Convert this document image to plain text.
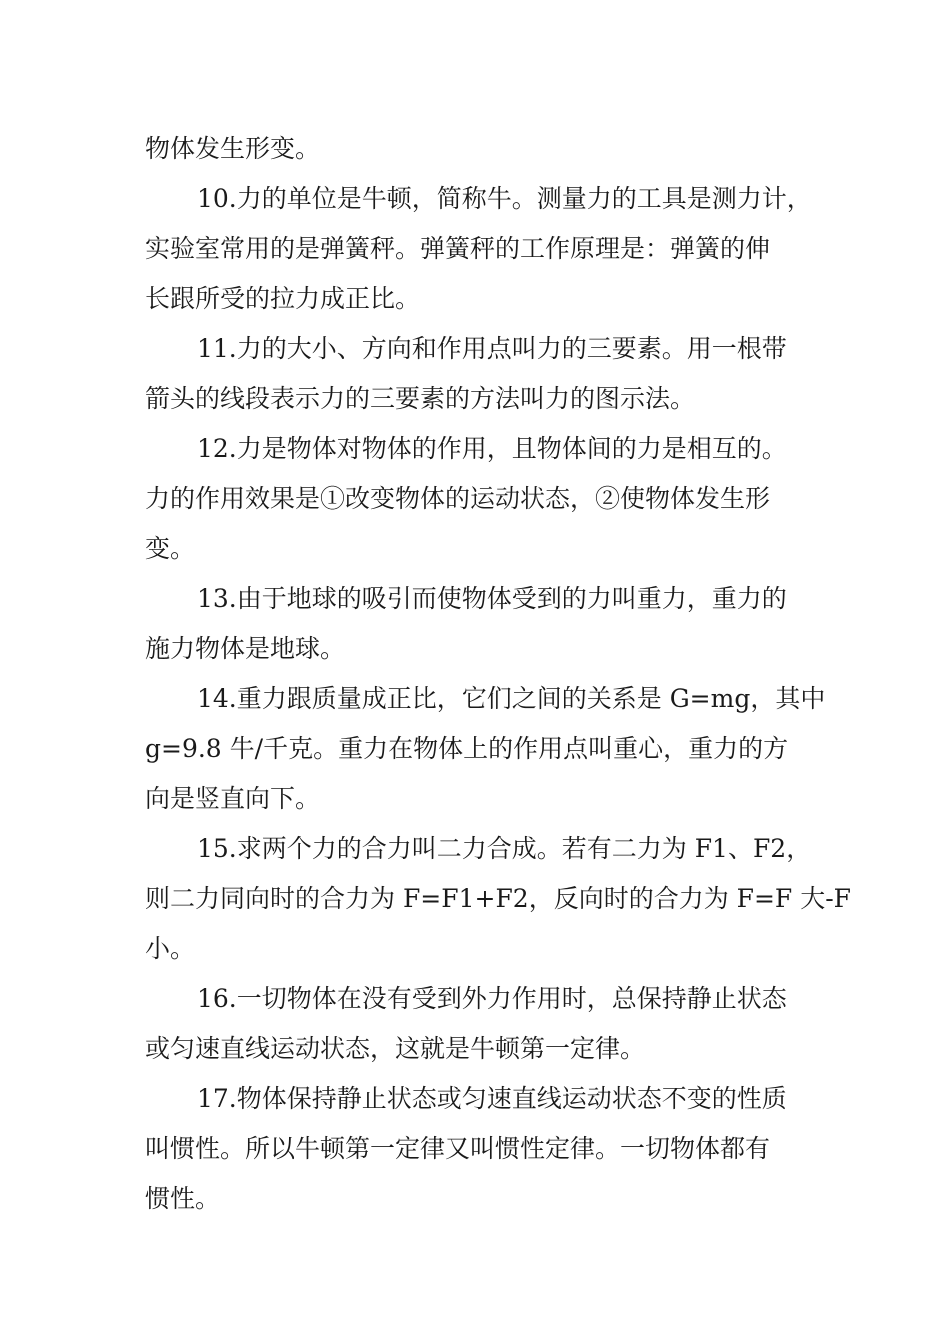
物体发生形变。
10.力的单位是牛顿，简称牛。测量力的工具是测力计，
实验室常用的是弹簧秤。弹簧秤的工作原理是：弹簧的伸
长跟所受的拉力成正比。
11.力的大小、方向和作用点叫力的三要素。用一根带
箭头的线段表示力的三要素的方法叫力的图示法。
12.力是物体对物体的作用，且物体间的力是相互的。
力的作用效果是①改变物体的运动状态，②使物体发生形
变。
13.由于地球的吸引而使物体受到的力叫重力，重力的
施力物体是地球。
14.重力跟质量成正比，它们之间的关系是 G=mg，其中
g=9.8 牛/千克。重力在物体上的作用点叫重心，重力的方
向是竖直向下。
15.求两个力的合力叫二力合成。若有二力为 F1、F2，
则二力同向时的合力为 F=F1+F2，反向时的合力为 F=F 大-F
小。
16.一切物体在没有受到外力作用时，总保持静止状态
或匀速直线运动状态，这就是牛顿第一定律。
17.物体保持静止状态或匀速直线运动状态不变的性质
叫惯性。所以牛顿第一定律又叫惯性定律。一切物体都有
惯性。
